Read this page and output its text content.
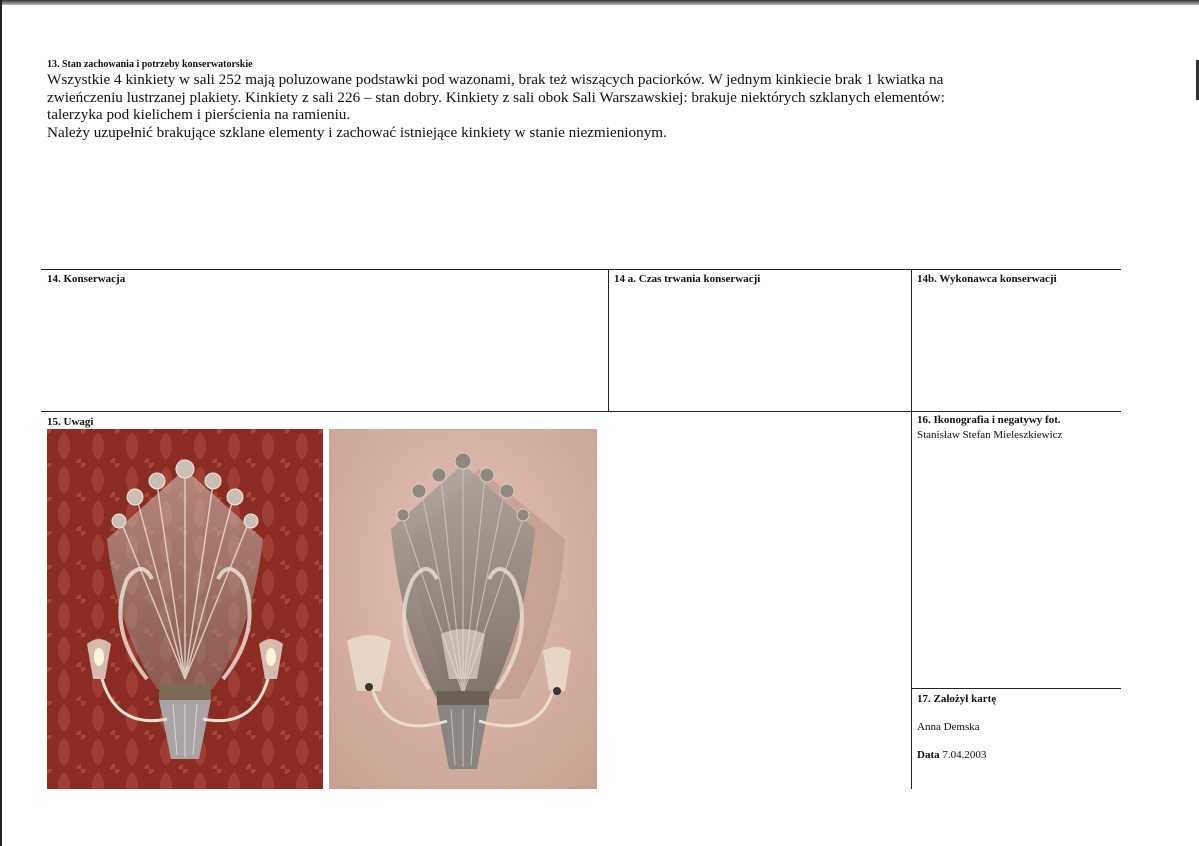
13. Stan zachowania i potrzeby konserwatorskie

Wszystkie 4 kinkiety w sali 252 mają poluzowane podstawki pod wazonami, brak też wiszących paciorków. W jednym kinkiecie brak 1 kwiatka na

zwieńczeniu lustrzanej plakiety. Kinkiety z sali 226 – stan dobry. Kinkiety z sali obok Sali Warszawskiej: brakuje niektórych szklanych elementów:

talerzyka pod kielichem i pierścienia na ramieniu.

Należy uzupełnić brakujące szklane elementy i zachować istniejące kinkiety w stanie niezmienionym.

14. Konserwacja	14 a. Czas trwania konserwacji	14b. Wykonawca konserwacji
15. Uwagi	16. Ikonografia i negatywy fot.
Stanisław Stefan Mieleszkiewicz
17. Założył kartę
Anna Demska
Data 7.04.2003
